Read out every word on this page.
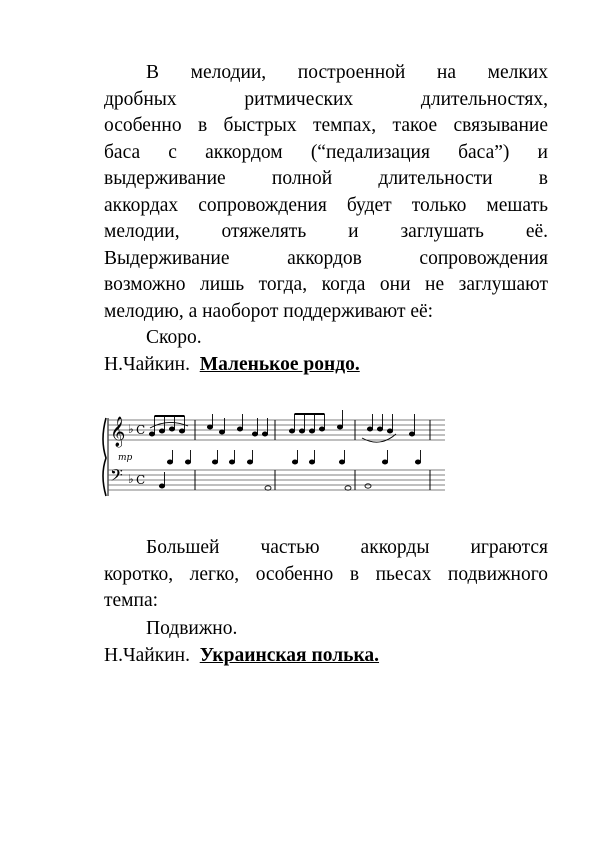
В мелодии, построенной на мелких
дробных ритмических длительностях,
особенно в быстрых темпах, такое связывание
баса с аккордом (“педализация баса”) и
выдерживание полной длительности в
аккордах сопровождения будет только мешать
мелодии, отяжелять и заглушать её.
Выдерживание аккордов сопровождения
возможно лишь тогда, когда они не заглушают
мелодию, а наоборот поддерживают её:
Скоро.
Н.Чайкин. Маленькое рондо.
𝄞
𝄢
♭
♭
C
C
mp
Большей частью аккорды играются
коротко, легко, особенно в пьесах подвижного
темпа:
Подвижно.
Н.Чайкин. Украинская полька.
